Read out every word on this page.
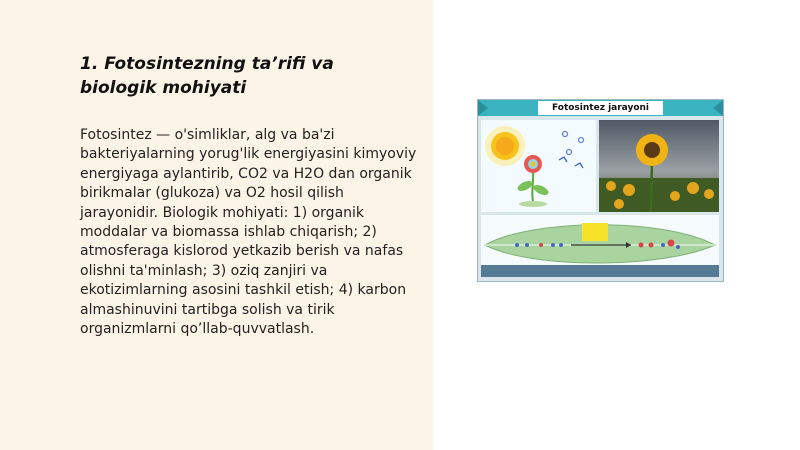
1. Fotosintezning ta’rifi va biologik mohiyati

Fotosintez — o'simliklar, alg va ba'zi bakteriyalarning yorug'lik energiyasini kimyoviy energiyaga aylantirib, CO2 va H2O dan organik birikmalar (glukoza) va O2 hosil qilish jarayonidir. Biologik mohiyati: 1) organik moddalar va biomassa ishlab chiqarish; 2) atmosferaga kislorod yetkazib berish va nafas olishni ta'minlash; 3) oziq zanjiri va ekotizimlarning asosini tashkil etish; 4) karbon almashinuvini tartibga solish va tirik organizmlarni qo’llab-quvvatlash.

Fotosintez jarayoni
